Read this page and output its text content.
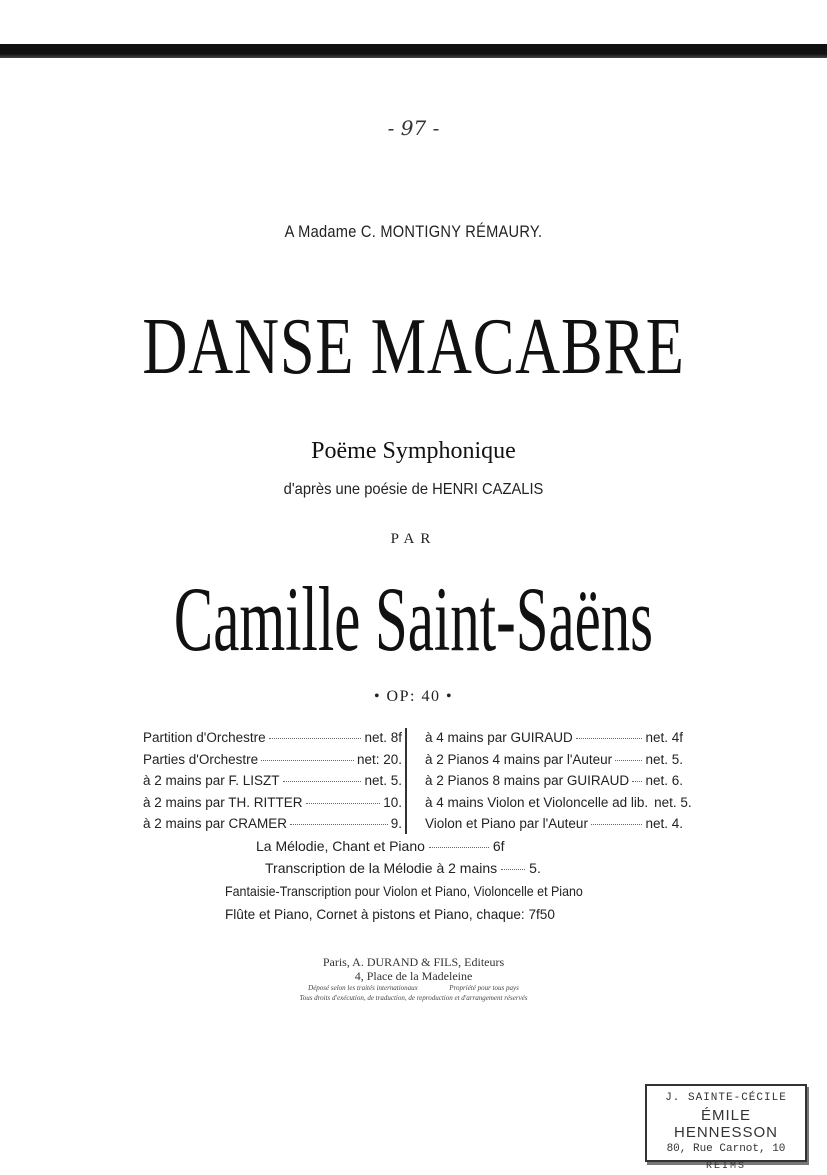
- 97 -
A Madame C. MONTIGNY RÉMAURY.
DANSE MACABRE
Poëme Symphonique
d'après une poésie de HENRI CAZALIS
PAR
Camille Saint-Saëns
• OP: 40 •
Partition d'Orchestre	net. 8f
Parties d'Orchestre	net: 20.
à 2 mains par F. LISZT	net. 5.
à 2 mains par TH. RITTER	10.
à 2 mains par CRAMER	9.
à 4 mains par GUIRAUD	net. 4f
à 2 Pianos 4 mains par l'Auteur net. 5.
à 2 Pianos 8 mains par GUIRAUD net. 6.
à 4 mains Violon et Violoncelle ad lib. net. 5.
Violon et Piano par l'Auteur	net. 4.
La Mélodie, Chant et Piano	6f
Transcription de la Mélodie à 2 mains 5.
Fantaisie-Transcription pour Violon et Piano, Violoncelle et Piano
Flûte et Piano, Cornet à pistons et Piano, chaque: 7f50
Paris, A. DURAND & FILS, Editeurs
4, Place de la Madeleine
Déposé selon les traités internationaux	Propriété pour tous pays
Tous droits d'exécution, de traduction, de reproduction et d'arrangement réservés
J. SAINTE-CÉCILE
ÉMILE HENNESSON
80, Rue Carnot, 10
REIMS
